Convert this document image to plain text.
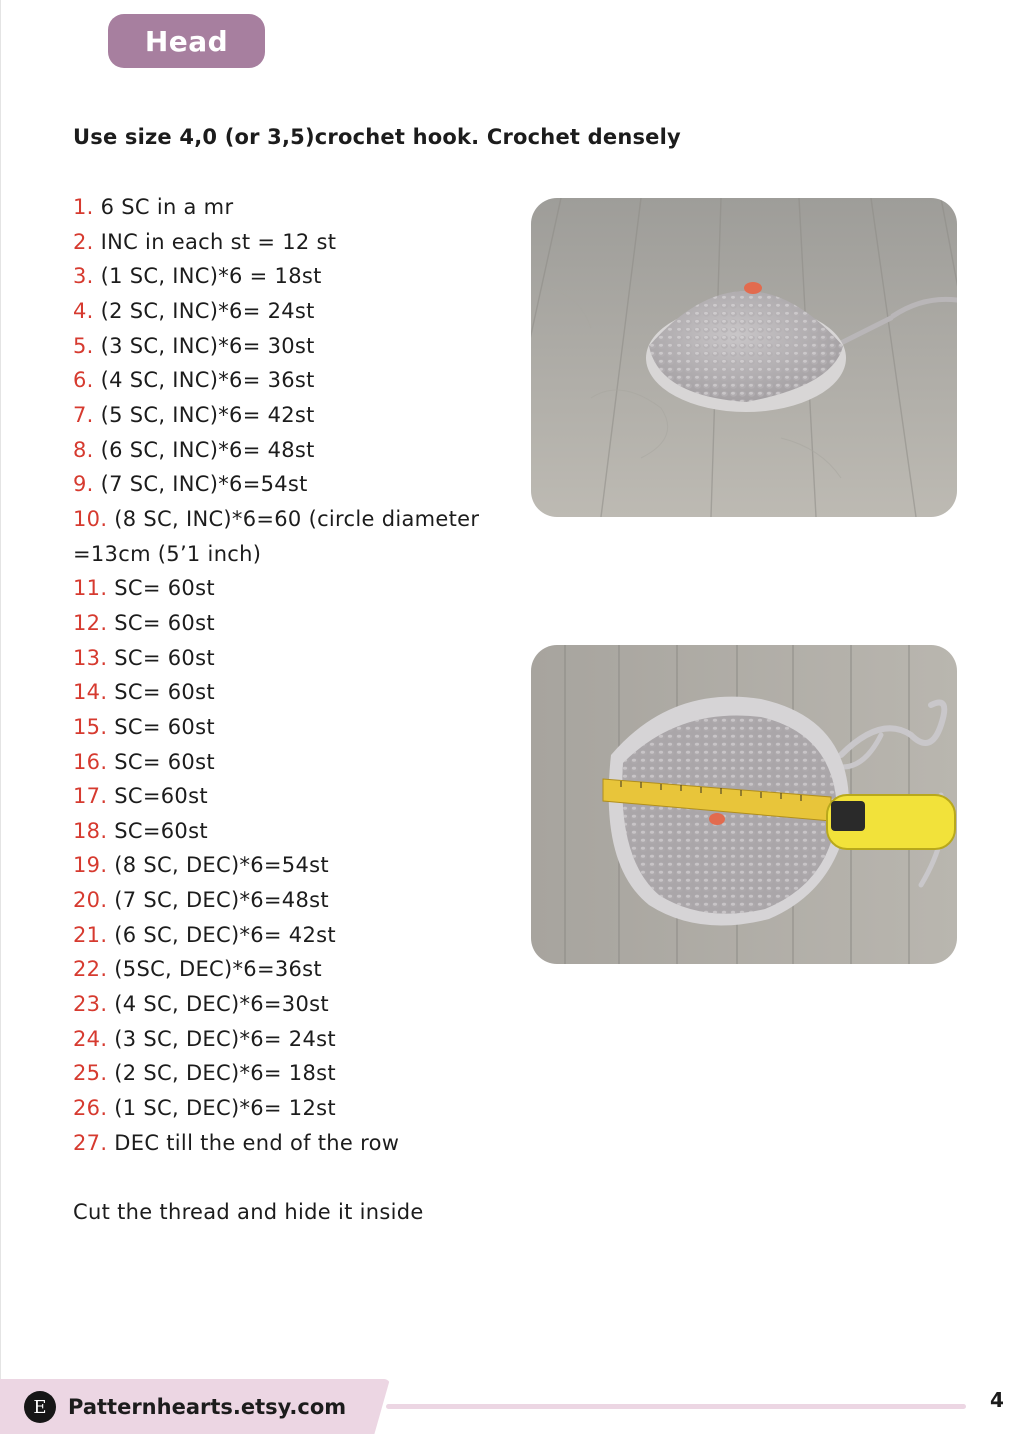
Head
Use size 4,0 (or 3,5)crochet hook. Crochet densely
1. 6 SC in a mr
2. INC in each st = 12 st
3. (1 SC, INC)*6 = 18st
4. (2 SC, INC)*6= 24st
5. (3 SC, INC)*6= 30st
6. (4 SC, INC)*6= 36st
7. (5 SC, INC)*6= 42st
8. (6 SC, INC)*6= 48st
9. (7 SC, INC)*6=54st
10. (8 SC, INC)*6=60 (circle diameter =13cm (5’1 inch)
11. SC= 60st
12. SC= 60st
13. SC= 60st
14. SC= 60st
15. SC= 60st
16. SC= 60st
17. SC=60st
18. SC=60st
19. (8 SC, DEC)*6=54st
20. (7 SC, DEC)*6=48st
21. (6 SC, DEC)*6= 42st
22. (5SC, DEC)*6=36st
23. (4 SC, DEC)*6=30st
24. (3 SC, DEC)*6= 24st
25. (2 SC, DEC)*6= 18st
26. (1 SC, DEC)*6= 12st
27. DEC till the end of the row
Cut the thread and hide it inside
E	Patternhearts.etsy.com	4
